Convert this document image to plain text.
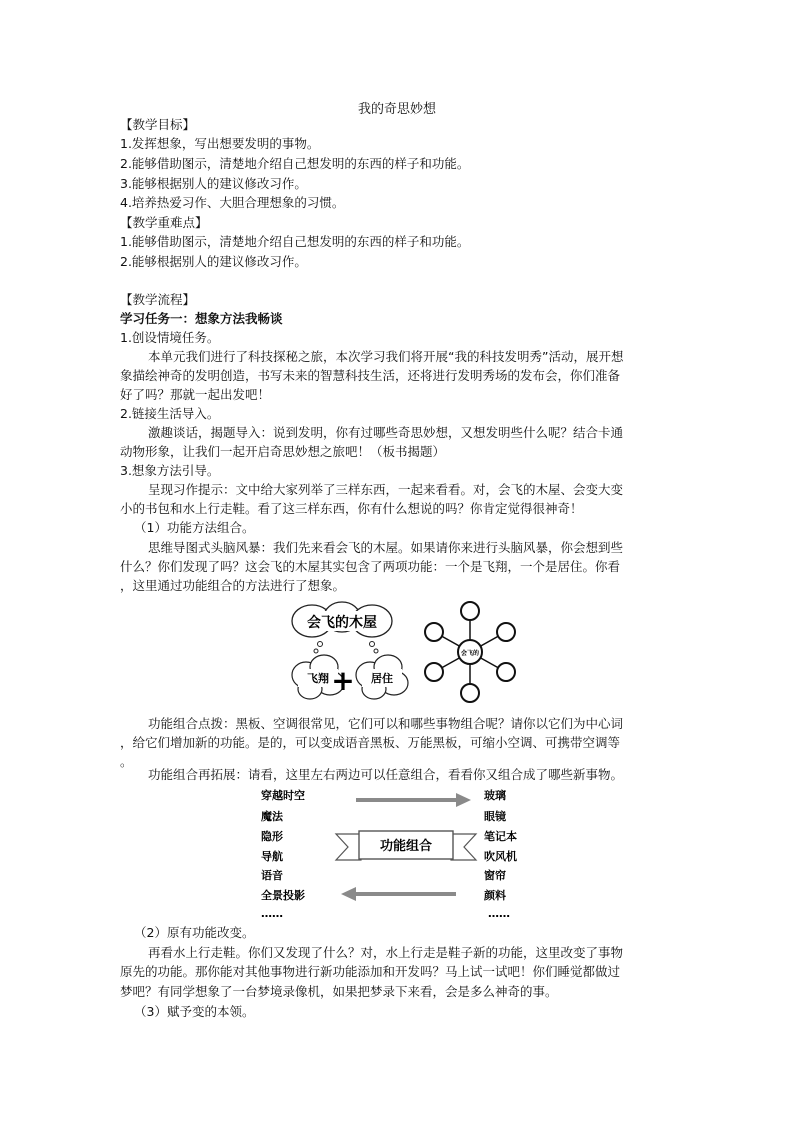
我的奇思妙想

【教学目标】

1.发挥想象，写出想要发明的事物。

2.能够借助图示，清楚地介绍自己想发明的东西的样子和功能。

3.能够根据别人的建议修改习作。

4.培养热爱习作、大胆合理想象的习惯。

【教学重难点】

1.能够借助图示，清楚地介绍自己想发明的东西的样子和功能。

2.能够根据别人的建议修改习作。

【教学流程】

学习任务一：想象方法我畅谈

1.创设情境任务。

本单元我们进行了科技探秘之旅，本次学习我们将开展“我的科技发明秀”活动，展开想

象描绘神奇的发明创造，书写未来的智慧科技生活，还将进行发明秀场的发布会，你们准备

好了吗？那就一起出发吧！

2.链接生活导入。

激趣谈话，揭题导入：说到发明，你有过哪些奇思妙想，又想发明些什么呢？结合卡通

动物形象，让我们一起开启奇思妙想之旅吧！（板书揭题）

3.想象方法引导。

呈现习作提示：文中给大家列举了三样东西，一起来看看。对，会飞的木屋、会变大变

小的书包和水上行走鞋。看了这三样东西，你有什么想说的吗？你肯定觉得很神奇！

（1）功能方法组合。

思维导图式头脑风暴：我们先来看会飞的木屋。如果请你来进行头脑风暴，你会想到些

什么？你们发现了吗？这会飞的木屋其实包含了两项功能：一个是飞翔，一个是居住。你看

，这里通过功能组合的方法进行了想象。

会飞的木屋
飞翔 + 居住
会飞的

功能组合点拨：黑板、空调很常见，它们可以和哪些事物组合呢？请你以它们为中心词

，给它们增加新的功能。是的，可以变成语音黑板、万能黑板，可缩小空调、可携带空调等

。

功能组合再拓展：请看，这里左右两边可以任意组合，看看你又组合成了哪些新事物。

穿越时空
魔法
隐形
导航
语音
全景投影
……
玻璃
眼镜
笔记本
吹风机
窗帘
颜料
……
功能组合

（2）原有功能改变。

再看水上行走鞋。你们又发现了什么？对，水上行走是鞋子新的功能，这里改变了事物

原先的功能。那你能对其他事物进行新功能添加和开发吗？马上试一试吧！你们睡觉都做过

梦吧？有同学想象了一台梦境录像机，如果把梦录下来看，会是多么神奇的事。

（3）赋予变的本领。
